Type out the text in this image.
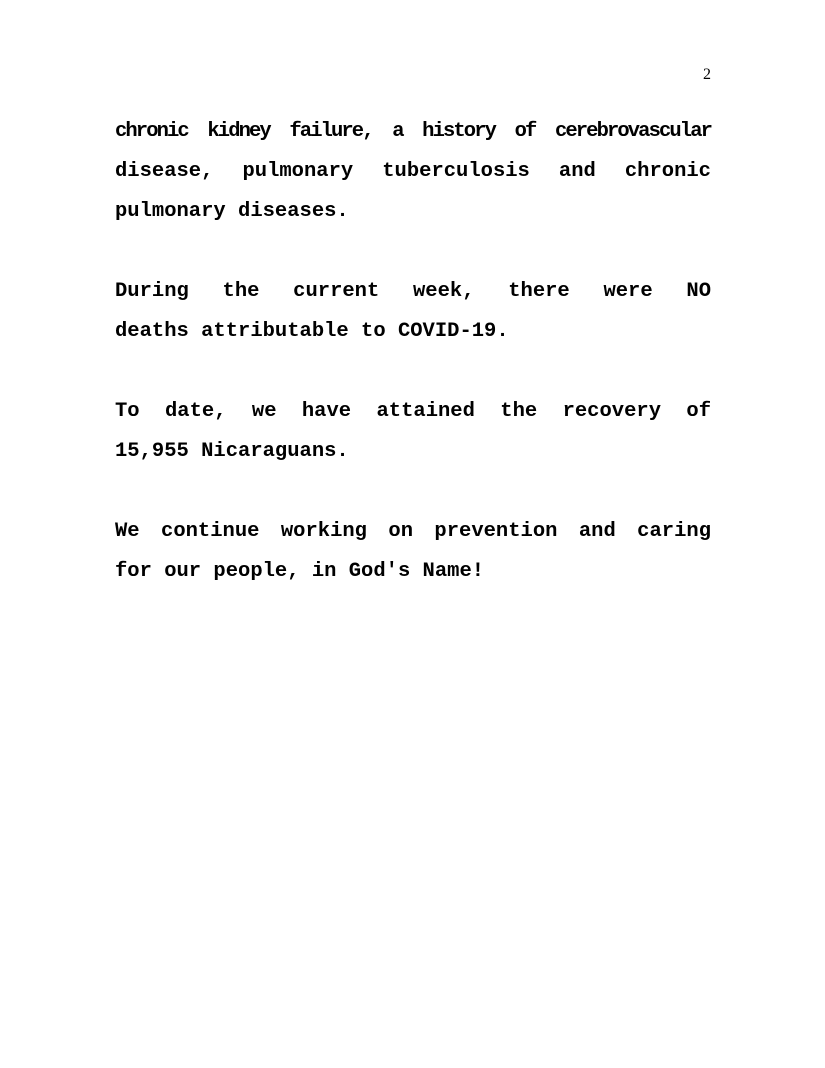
2

chronic kidney failure, a history of cerebrovascular
disease, pulmonary tuberculosis and chronic
pulmonary diseases.

During the current week, there were NO
deaths attributable to COVID-19.

To date, we have attained the recovery of
15,955 Nicaraguans.

We continue working on prevention and caring
for our people, in God's Name!
